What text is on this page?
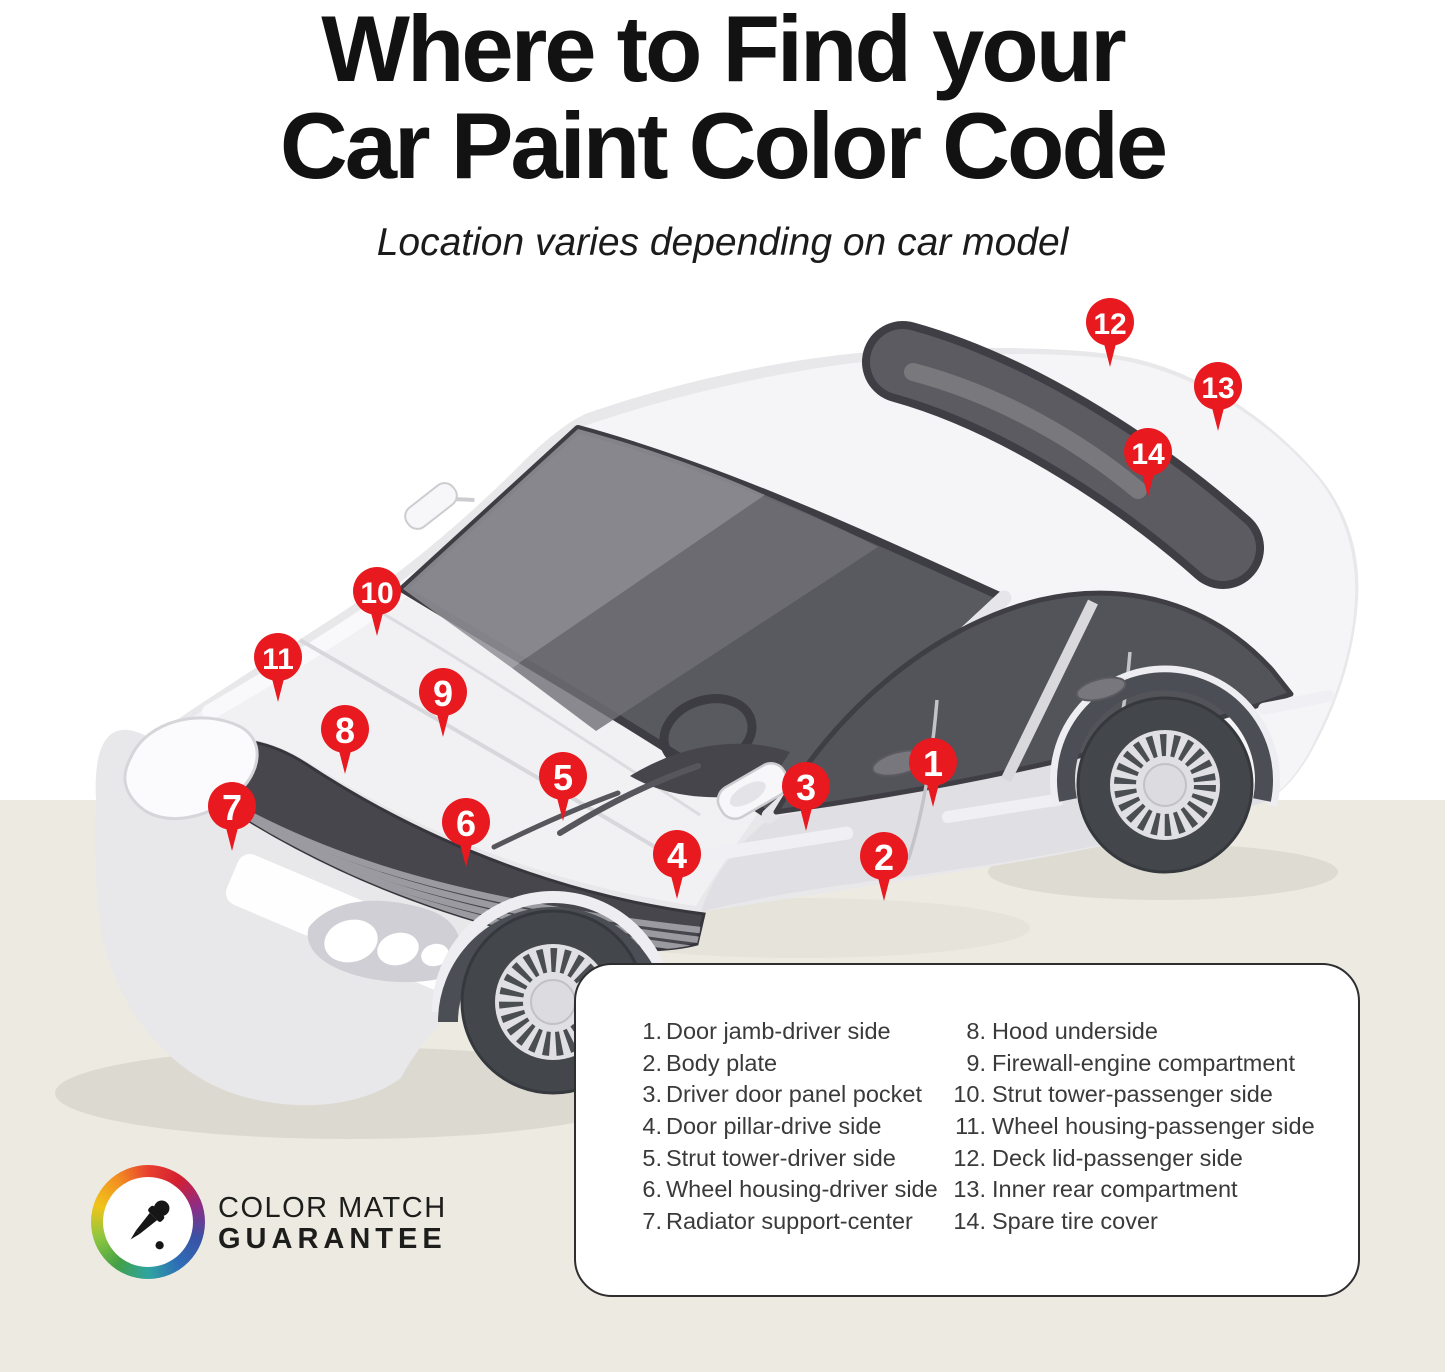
1
2
3
4
5
6
7
8
9
10
11
12
13
14
Where to Find your
Car Paint Color Code
Location varies depending on car model
1. Door jamb-driver side
2. Body plate
3. Driver door panel pocket
4. Door pillar-drive side
5. Strut tower-driver side
6. Wheel housing-driver side
7. Radiator support-center
8. Hood underside
9. Firewall-engine compartment
10. Strut tower-passenger side
11. Wheel housing-passenger side
12. Deck lid-passenger side
13. Inner rear compartment
14. Spare tire cover
COLOR MATCH
GUARANTEE
